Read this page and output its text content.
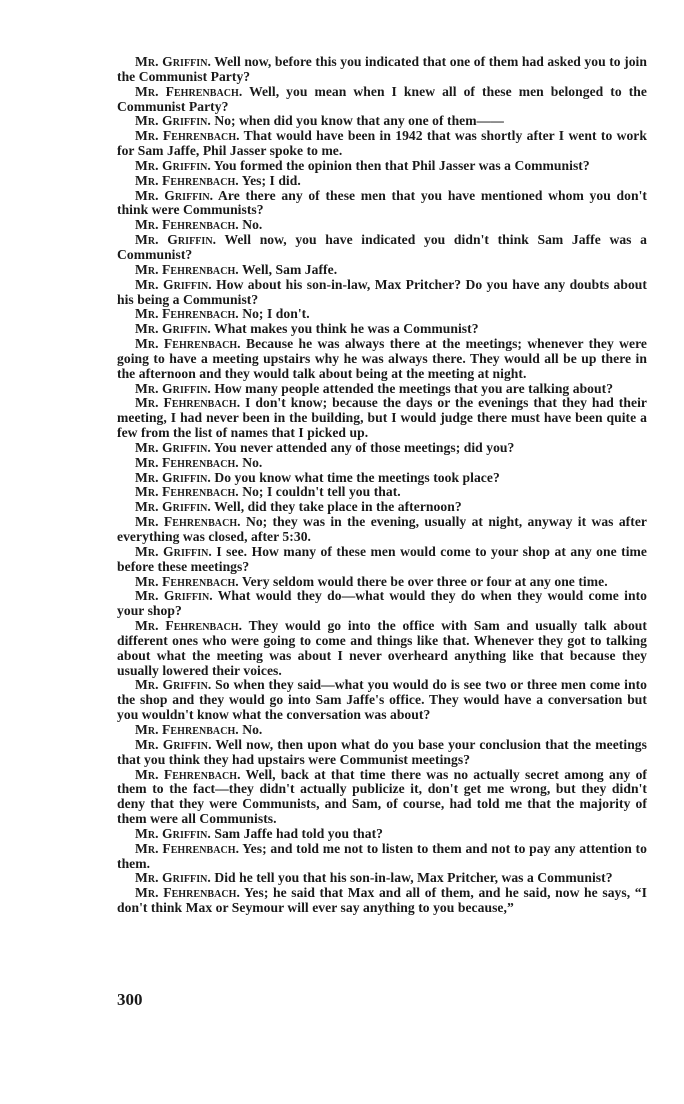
Mr. Griffin. Well now, before this you indicated that one of them had asked you to join the Communist Party?

Mr. Fehrenbach. Well, you mean when I knew all of these men belonged to the Communist Party?

Mr. Griffin. No; when did you know that any one of them——

Mr. Fehrenbach. That would have been in 1942 that was shortly after I went to work for Sam Jaffe, Phil Jasser spoke to me.

Mr. Griffin. You formed the opinion then that Phil Jasser was a Communist?

Mr. Fehrenbach. Yes; I did.

Mr. Griffin. Are there any of these men that you have mentioned whom you don't think were Communists?

Mr. Fehrenbach. No.

Mr. Griffin. Well now, you have indicated you didn't think Sam Jaffe was a Communist?

Mr. Fehrenbach. Well, Sam Jaffe.

Mr. Griffin. How about his son-in-law, Max Pritcher? Do you have any doubts about his being a Communist?

Mr. Fehrenbach. No; I don't.

Mr. Griffin. What makes you think he was a Communist?

Mr. Fehrenbach. Because he was always there at the meetings; whenever they were going to have a meeting upstairs why he was always there. They would all be up there in the afternoon and they would talk about being at the meeting at night.

Mr. Griffin. How many people attended the meetings that you are talking about?

Mr. Fehrenbach. I don't know; because the days or the evenings that they had their meeting, I had never been in the building, but I would judge there must have been quite a few from the list of names that I picked up.

Mr. Griffin. You never attended any of those meetings; did you?

Mr. Fehrenbach. No.

Mr. Griffin. Do you know what time the meetings took place?

Mr. Fehrenbach. No; I couldn't tell you that.

Mr. Griffin. Well, did they take place in the afternoon?

Mr. Fehrenbach. No; they was in the evening, usually at night, anyway it was after everything was closed, after 5:30.

Mr. Griffin. I see. How many of these men would come to your shop at any one time before these meetings?

Mr. Fehrenbach. Very seldom would there be over three or four at any one time.

Mr. Griffin. What would they do—what would they do when they would come into your shop?

Mr. Fehrenbach. They would go into the office with Sam and usually talk about different ones who were going to come and things like that. Whenever they got to talking about what the meeting was about I never overheard anything like that because they usually lowered their voices.

Mr. Griffin. So when they said—what you would do is see two or three men come into the shop and they would go into Sam Jaffe's office. They would have a conversation but you wouldn't know what the conversation was about?

Mr. Fehrenbach. No.

Mr. Griffin. Well now, then upon what do you base your conclusion that the meetings that you think they had upstairs were Communist meetings?

Mr. Fehrenbach. Well, back at that time there was no actually secret among any of them to the fact—they didn't actually publicize it, don't get me wrong, but they didn't deny that they were Communists, and Sam, of course, had told me that the majority of them were all Communists.

Mr. Griffin. Sam Jaffe had told you that?

Mr. Fehrenbach. Yes; and told me not to listen to them and not to pay any attention to them.

Mr. Griffin. Did he tell you that his son-in-law, Max Pritcher, was a Communist?

Mr. Fehrenbach. Yes; he said that Max and all of them, and he said, now he says, “I don't think Max or Seymour will ever say anything to you because,”

300
